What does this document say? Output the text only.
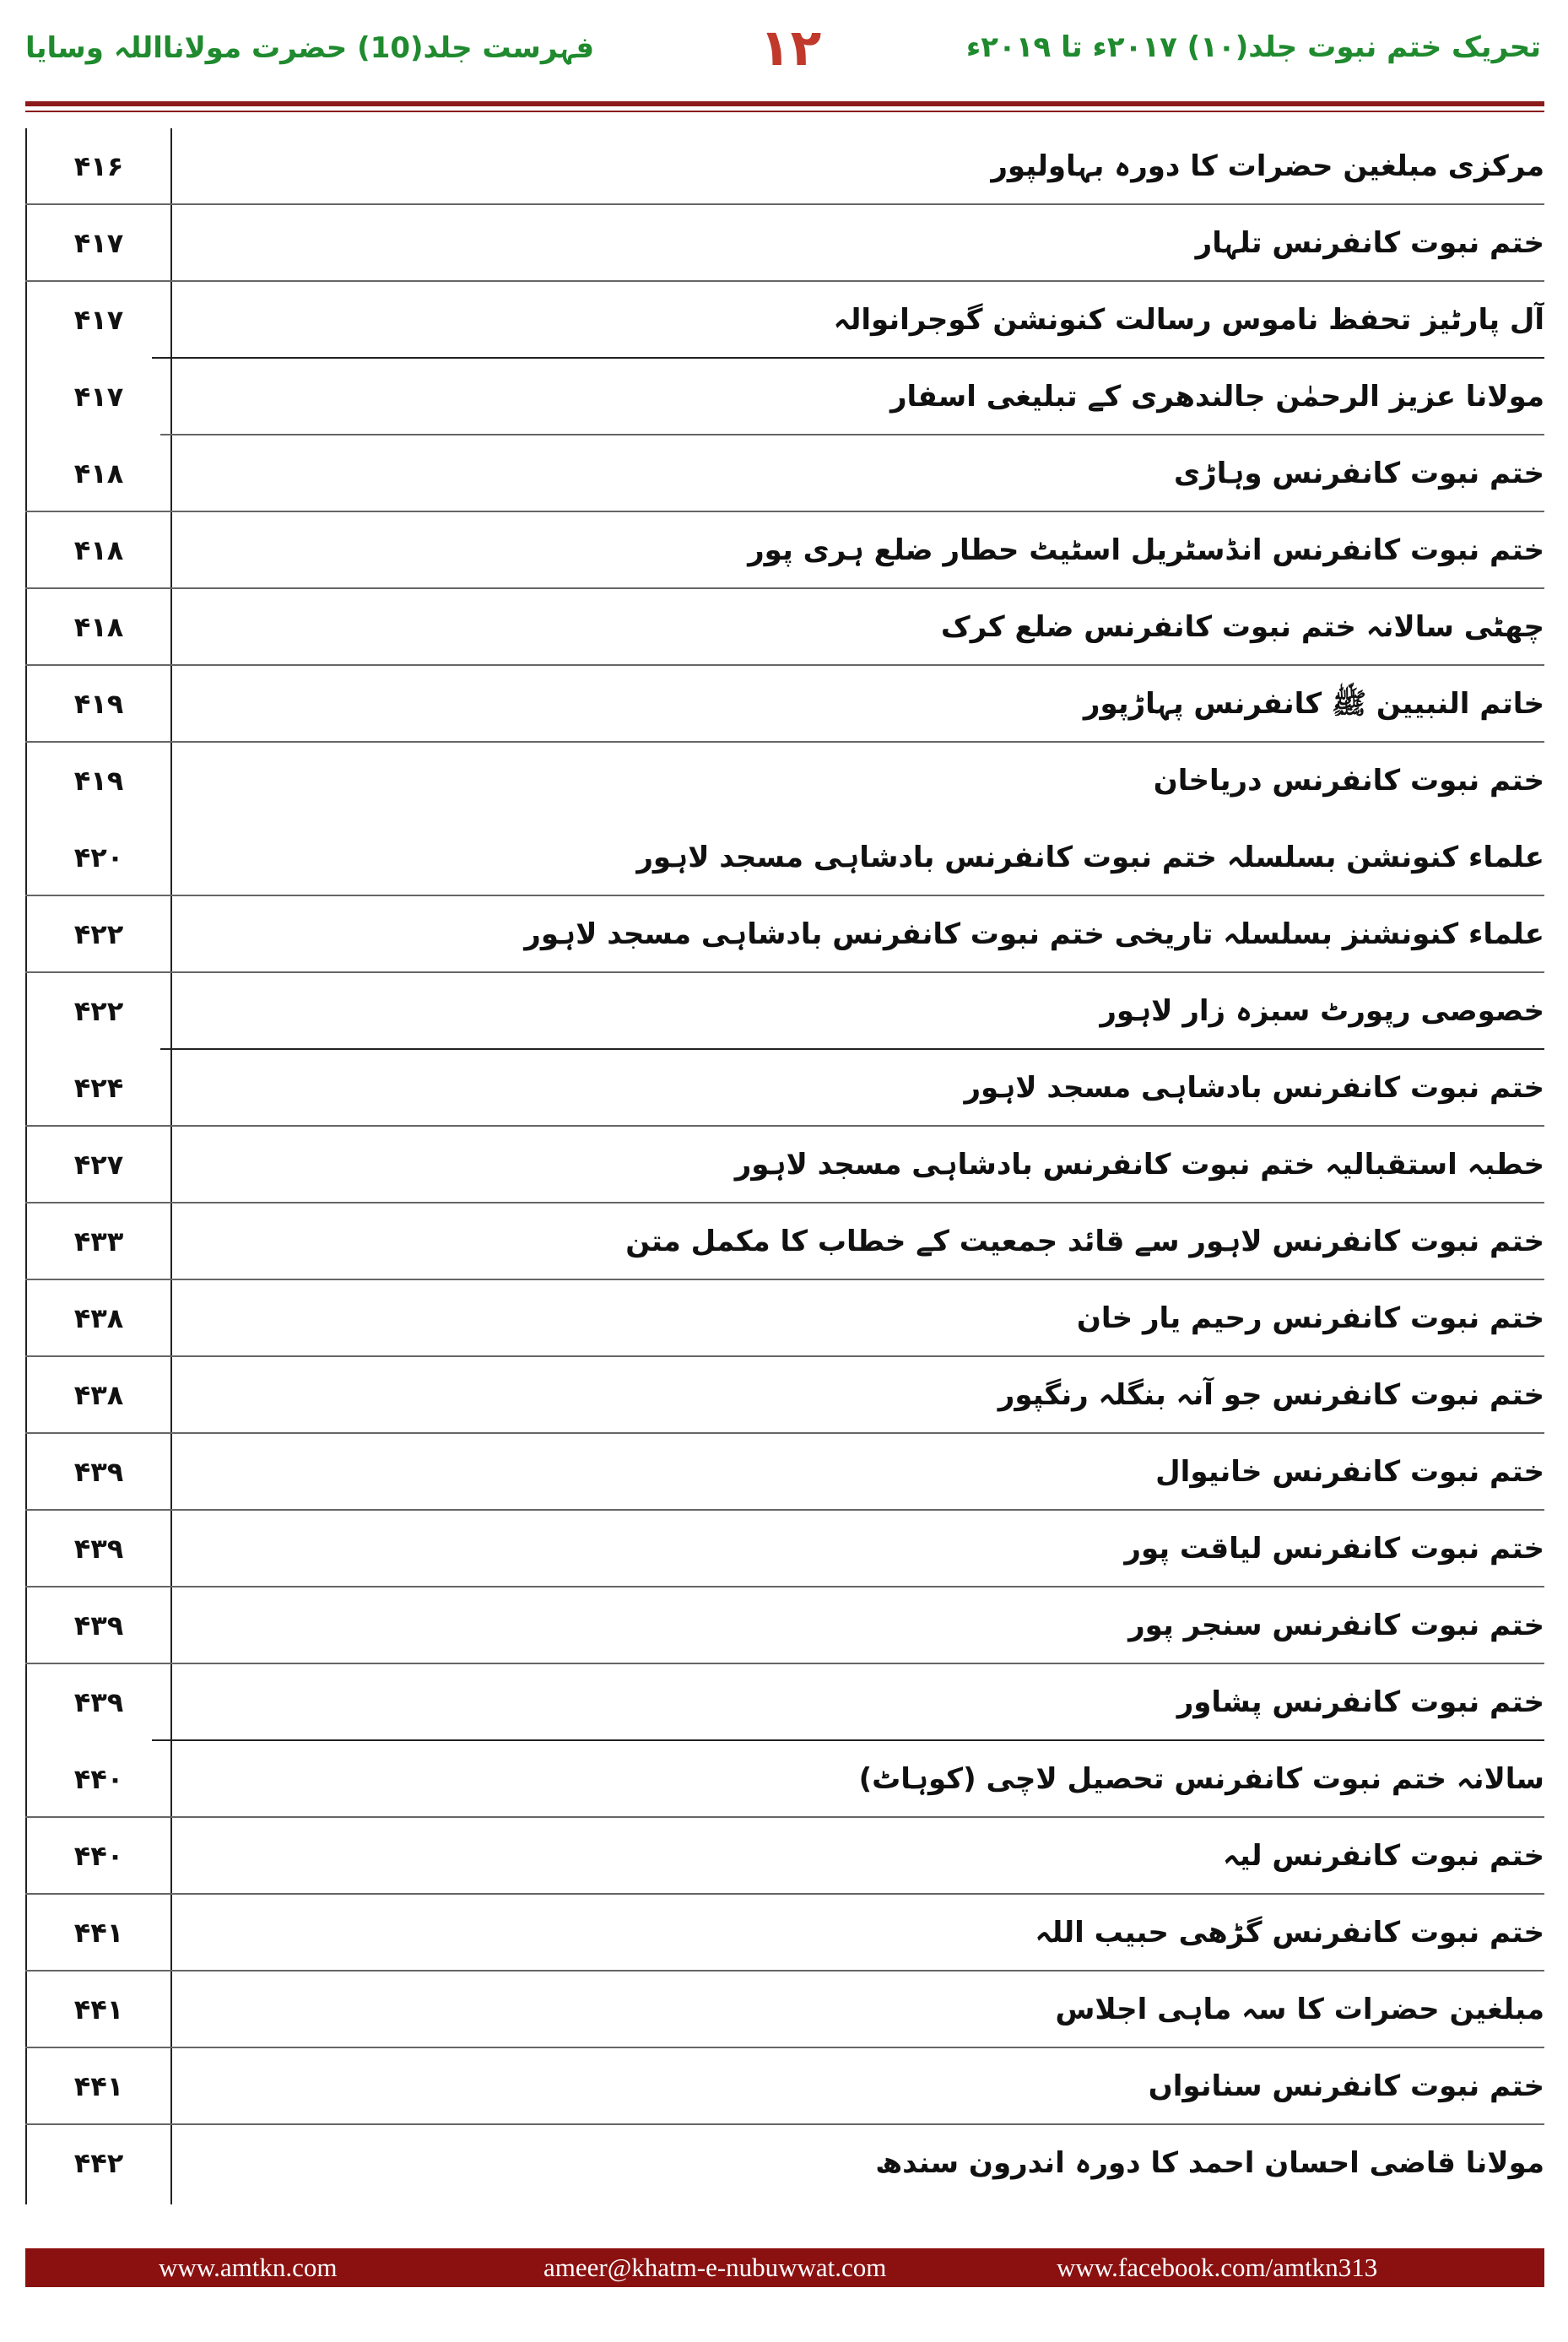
فہرست جلد(10) حضرت مولانااللہ وسایا	۱۲	تحریک ختم نبوت جلد(۱۰) ۲۰۱۷ء تا ۲۰۱۹ء
۴۱۶	مرکزی مبلغین حضرات کا دورہ بہاولپور
۴۱۷	ختم نبوت کانفرنس تلہار
۴۱۷	آل پارٹیز تحفظ ناموس رسالت کنونشن گوجرانوالہ
۴۱۷	مولانا عزیز الرحمٰن جالندھری کے تبلیغی اسفار
۴۱۸	ختم نبوت کانفرنس وہاڑی
۴۱۸	ختم نبوت کانفرنس انڈسٹریل اسٹیٹ حطار ضلع ہری پور
۴۱۸	چھٹی سالانہ ختم نبوت کانفرنس ضلع کرک
۴۱۹	خاتم النبیین ﷺ کانفرنس پہاڑپور
۴۱۹	ختم نبوت کانفرنس دریاخان
۴۲۰	علماء کنونشن بسلسلہ ختم نبوت کانفرنس بادشاہی مسجد لاہور
۴۲۲	علماء کنونشنز بسلسلہ تاریخی ختم نبوت کانفرنس بادشاہی مسجد لاہور
۴۲۲	خصوصی رپورٹ سبزہ زار لاہور
۴۲۴	ختم نبوت کانفرنس بادشاہی مسجد لاہور
۴۲۷	خطبہ استقبالیہ ختم نبوت کانفرنس بادشاہی مسجد لاہور
۴۳۳	ختم نبوت کانفرنس لاہور سے قائد جمعیت کے خطاب کا مکمل متن
۴۳۸	ختم نبوت کانفرنس رحیم یار خان
۴۳۸	ختم نبوت کانفرنس جو آنہ بنگلہ رنگپور
۴۳۹	ختم نبوت کانفرنس خانیوال
۴۳۹	ختم نبوت کانفرنس لیاقت پور
۴۳۹	ختم نبوت کانفرنس سنجر پور
۴۳۹	ختم نبوت کانفرنس پشاور
۴۴۰	سالانہ ختم نبوت کانفرنس تحصیل لاچی (کوہاٹ)
۴۴۰	ختم نبوت کانفرنس لیہ
۴۴۱	ختم نبوت کانفرنس گڑھی حبیب اللہ
۴۴۱	مبلغین حضرات کا سہ ماہی اجلاس
۴۴۱	ختم نبوت کانفرنس سنانواں
۴۴۲	مولانا قاضی احسان احمد کا دورہ اندرون سندھ
www.amtkn.com	ameer@khatm-e-nubuwwat.com	www.facebook.com/amtkn313
